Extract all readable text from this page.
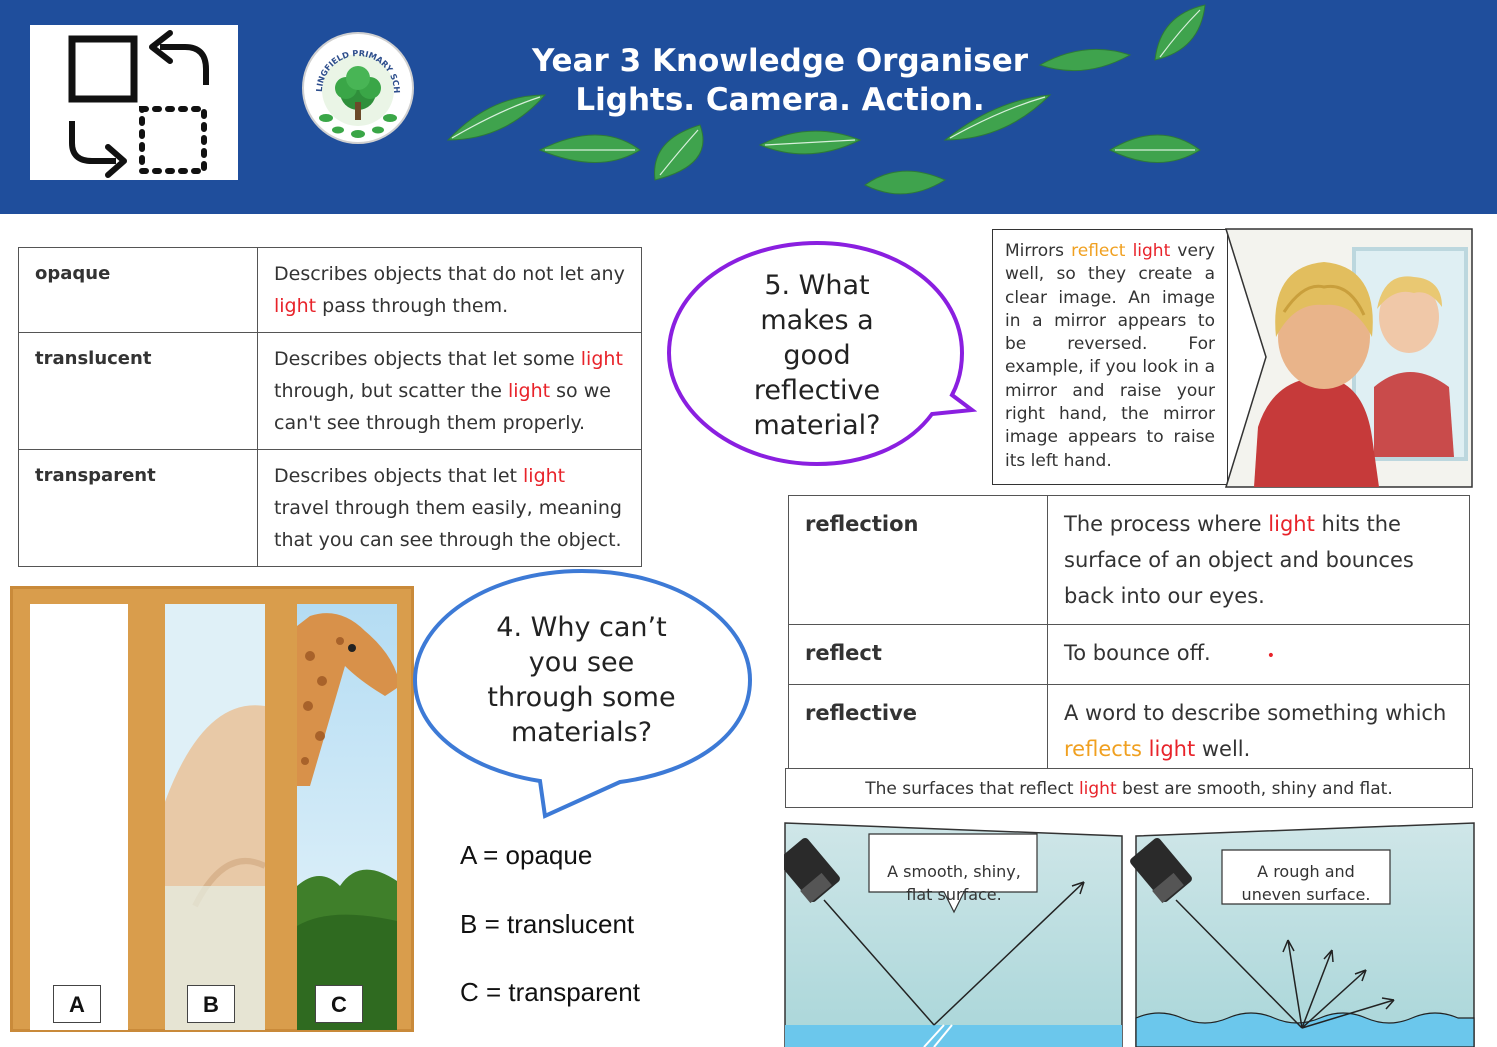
LINGFIELD PRIMARY SCH
Year 3 Knowledge Organiser
Lights. Camera. Action.
opaque	Describes objects that do not let any light pass through them.
translucent	Describes objects that let some light through, but scatter the light so we can't see through them properly.
transparent	Describes objects that let light travel through them easily, meaning that you can see through the object.
A	B	C
4. Why can’t
you see
through some
materials?
A = opaque
B = translucent
C = transparent
5. What
makes a
good
reflective
material?
Mirrors reflect light very well, so they create a clear image. An image in a mirror appears to be reversed. For example, if you look in a mirror and raise your right hand, the mirror image appears to raise its left hand.
reflection	The process where light hits the surface of an object and bounces back into our eyes.
reflect	To bounce off. •
reflective	A word to describe something which reflects light well.
The surfaces that reflect light best are smooth, shiny and flat.
A smooth, shiny,
flat surface.
A rough and
uneven surface.
